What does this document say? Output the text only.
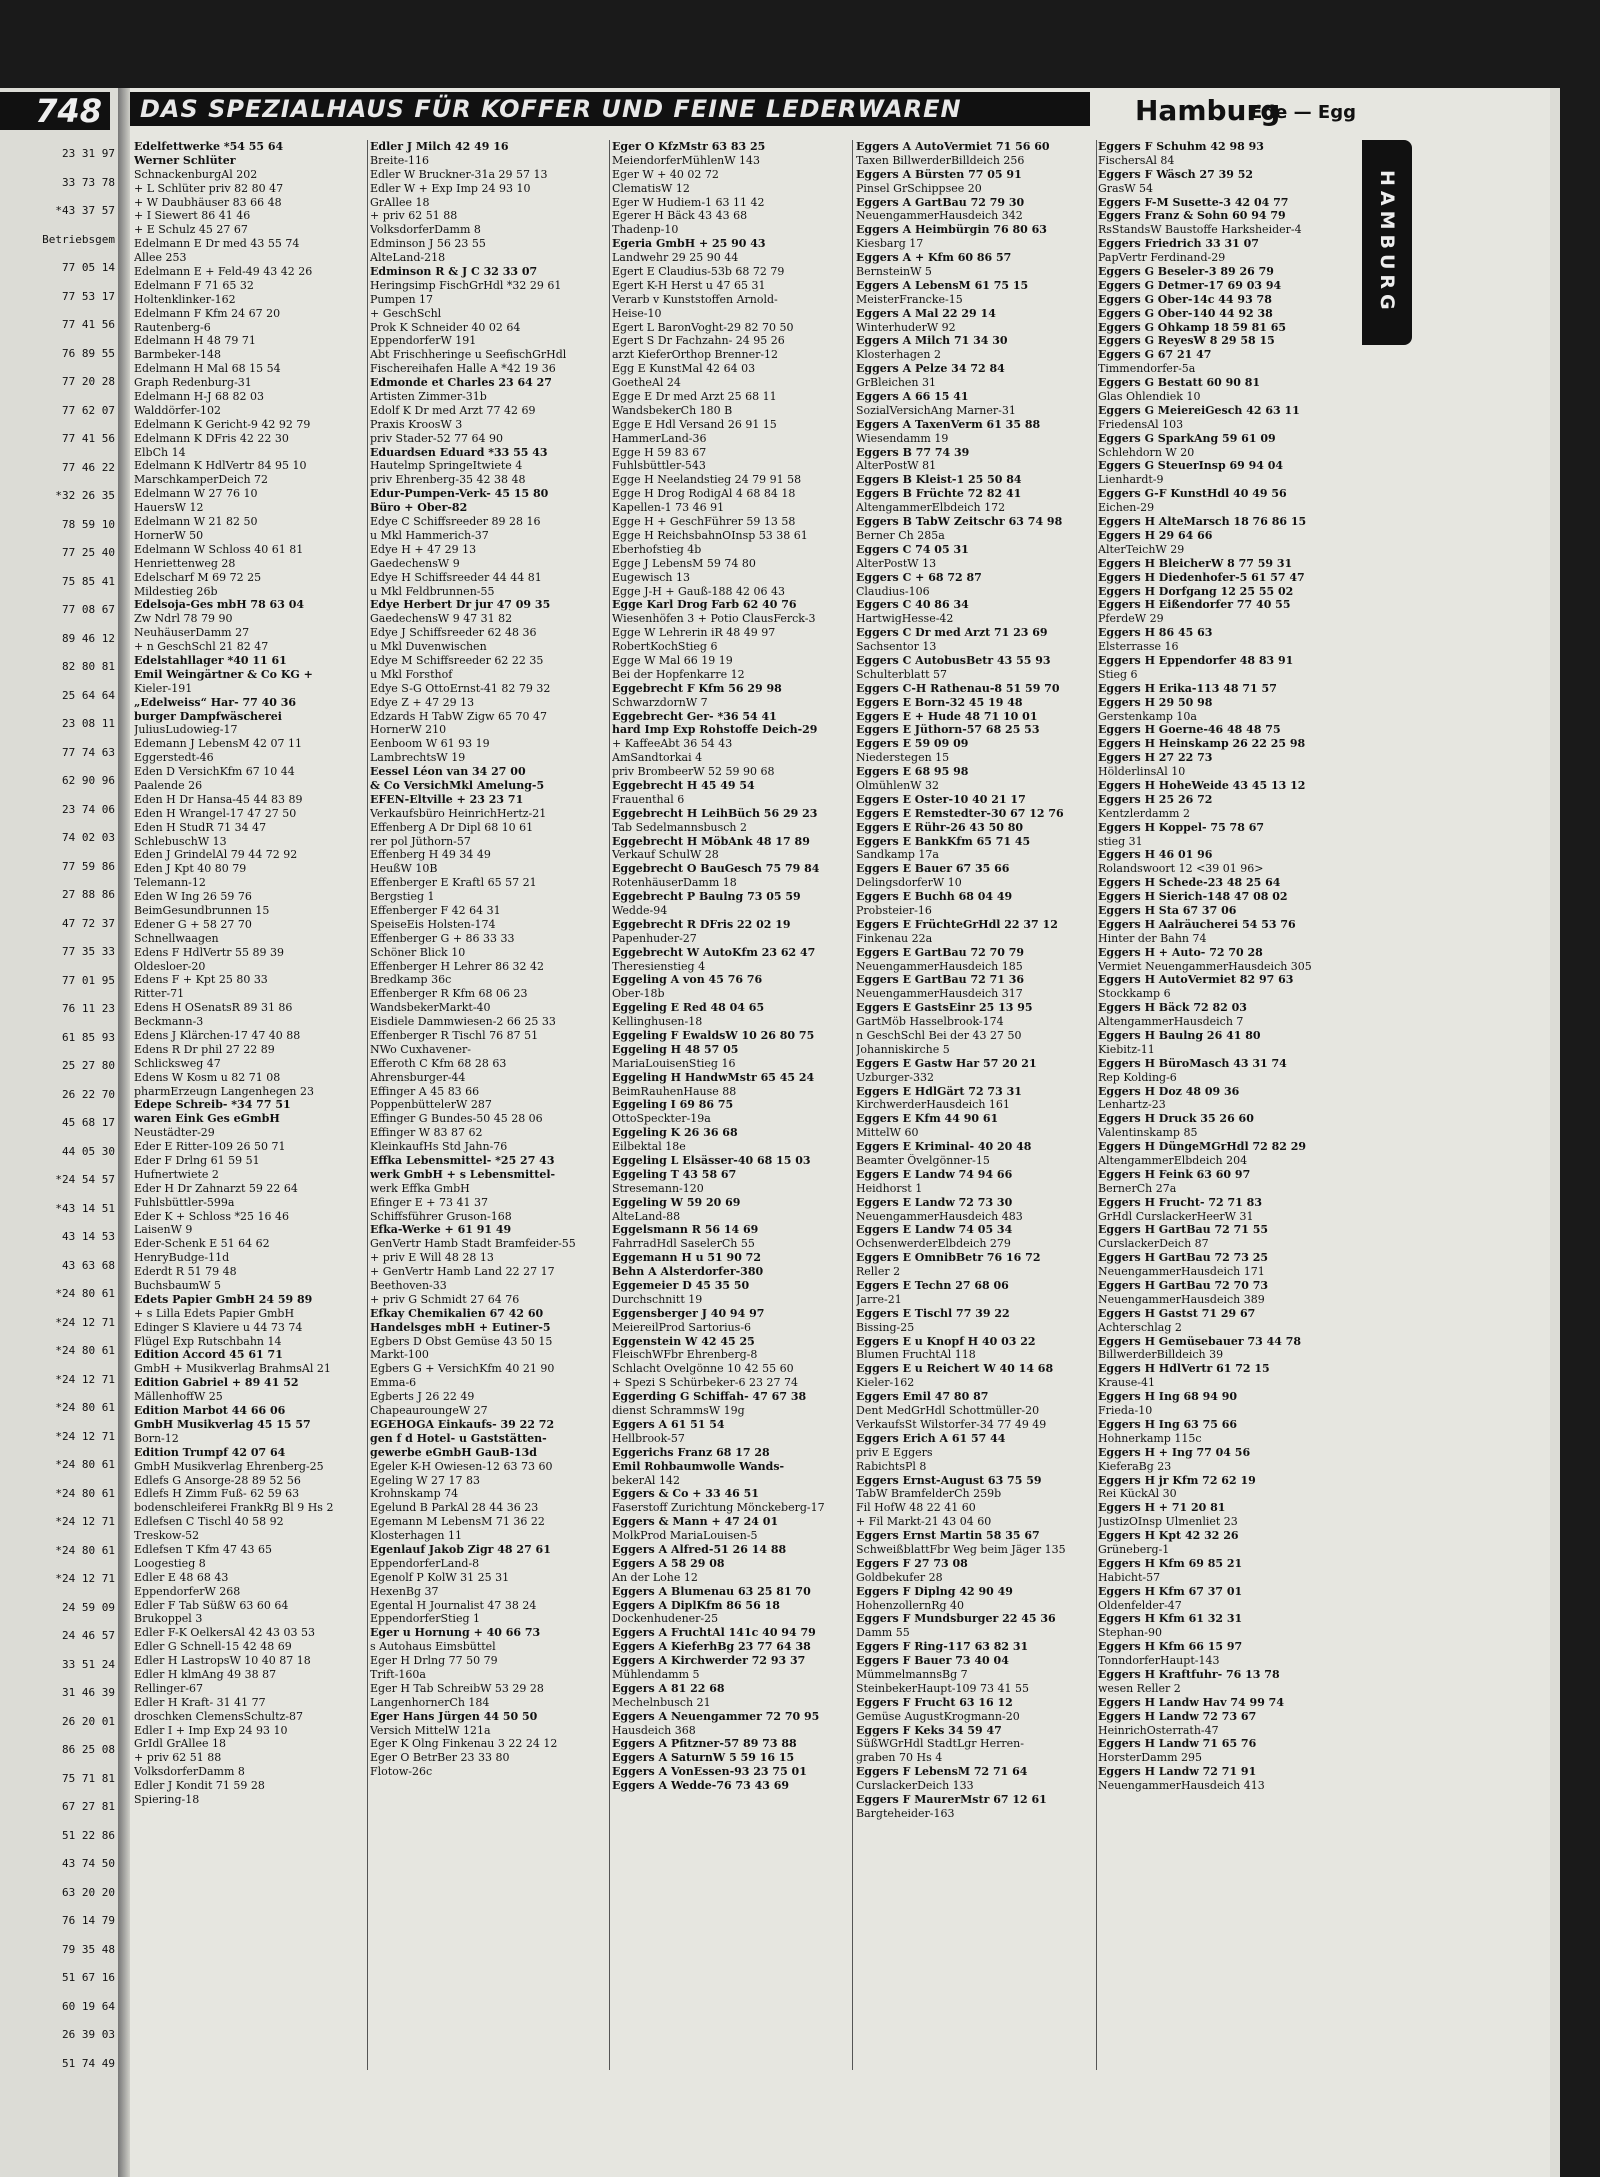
748	DAS SPEZIALHAUS FÜR KOFFER UND FEINE LEDERWAREN	Hamburg
Ede — Egg
HAMBURG
23 31 97
33 73 78
*43 37 57
Betriebsgem
77 05 14
77 53 17
77 41 56
76 89 55
77 20 28
77 62 07
77 41 56
77 46 22
*32 26 35
78 59 10
77 25 40
75 85 41
77 08 67
89 46 12
82 80 81
25 64 64
23 08 11
77 74 63
62 90 96
23 74 06
74 02 03
77 59 86
27 88 86
47 72 37
77 35 33
77 01 95
76 11 23
61 85 93
25 27 80
26 22 70
45 68 17
44 05 30
*24 54 57
*43 14 51
43 14 53
43 63 68
*24 80 61
*24 12 71
*24 80 61
*24 12 71
*24 80 61
*24 12 71
*24 80 61
*24 80 61
*24 12 71
*24 80 61
*24 12 71
24 59 09
24 46 57
33 51 24
31 46 39
26 20 01
86 25 08
75 71 81
67 27 81
51 22 86
43 74 50
63 20 20
76 14 79
79 35 48
51 67 16
60 19 64
26 39 03
51 74 49
Edelfettwerke *54 55 64
Werner Schlüter
SchnackenburgAl 202
+ L Schlüter priv 82 80 47
+ W Daubhäuser 83 66 48
+ I Siewert 86 41 46
+ E Schulz 45 27 67
Edelmann E Dr med 43 55 74
Allee 253
Edelmann E + Feld-49 43 42 26
Edelmann F 71 65 32
Holtenklinker-162
Edelmann F Kfm 24 67 20
Rautenberg-6
Edelmann H 48 79 71
Barmbeker-148
Edelmann H Mal 68 15 54
Graph Redenburg-31
Edelmann H-J 68 82 03
Walddörfer-102
Edelmann K Gericht-9 42 92 79
Edelmann K DFris 42 22 30
ElbCh 14
Edelmann K HdlVertr 84 95 10
MarschkamperDeich 72
Edelmann W 27 76 10
HauersW 12
Edelmann W 21 82 50
HornerW 50
Edelmann W Schloss 40 61 81
Henriettenweg 28
Edelscharf M 69 72 25
Mildestieg 26b
Edelsoja-Ges mbH 78 63 04
Zw Ndrl 78 79 90
NeuhäuserDamm 27
+ n GeschSchl 21 82 47
Edelstahllager *40 11 61
Emil Weingärtner & Co KG +
Kieler-191
„Edelweiss“ Har- 77 40 36
burger Dampfwäscherei
JuliusLudowieg-17
Edemann J LebensM 42 07 11
Eggerstedt-46
Eden D VersichKfm 67 10 44
Paalende 26
Eden H Dr Hansa-45 44 83 89
Eden H Wrangel-17 47 27 50
Eden H StudR 71 34 47
SchlebuschW 13
Eden J GrindelAl 79 44 72 92
Eden J Kpt 40 80 79
Telemann-12
Eden W Ing 26 59 76
BeimGesundbrunnen 15
Edener G + 58 27 70
Schnellwaagen
Edens F HdlVertr 55 89 39
Oldesloer-20
Edens F + Kpt 25 80 33
Ritter-71
Edens H OSenatsR 89 31 86
Beckmann-3
Edens J Klärchen-17 47 40 88
Edens R Dr phil 27 22 89
Schlicksweg 47
Edens W Kosm u 82 71 08
pharmErzeugn Langenhegen 23
Edepe Schreib- *34 77 51
waren Eink Ges eGmbH
Neustädter-29
Eder E Ritter-109 26 50 71
Eder F Drlng 61 59 51
Hufnertwiete 2
Eder H Dr Zahnarzt 59 22 64
Fuhlsbüttler-599a
Eder K + Schloss *25 16 46
LaisenW 9
Eder-Schenk E 51 64 62
HenryBudge-11d
Ederdt R 51 79 48
BuchsbaumW 5
Edets Papier GmbH 24 59 89
+ s Lilla Edets Papier GmbH
Edinger S Klaviere u 44 73 74
Flügel Exp Rutschbahn 14
Edition Accord 45 61 71
GmbH + Musikverlag BrahmsAl 21
Edition Gabriel + 89 41 52
MällenhoffW 25
Edition Marbot 44 66 06
GmbH Musikverlag 45 15 57
Born-12
Edition Trumpf 42 07 64
GmbH Musikverlag Ehrenberg-25
Edlefs G Ansorge-28 89 52 56
Edlefs H Zimm Fuß- 62 59 63
bodenschleiferei FrankRg Bl 9 Hs 2
Edlefsen C Tischl 40 58 92
Treskow-52
Edlefsen T Kfm 47 43 65
Loogestieg 8
Edler E 48 68 43
EppendorferW 268
Edler F Tab SüßW 63 60 64
Brukoppel 3
Edler F-K OelkersAl 42 43 03 53
Edler G Schnell-15 42 48 69
Edler H LastropsW 10 40 87 18
Edler H klmAng 49 38 87
Rellinger-67
Edler H Kraft- 31 41 77
droschken ClemensSchultz-87
Edler I + Imp Exp 24 93 10
GrIdl GrAllee 18
+ priv 62 51 88
VolksdorferDamm 8
Edler J Kondit 71 59 28
Spiering-18
Edler J Milch 42 49 16
Breite-116
Edler W Bruckner-31a 29 57 13
Edler W + Exp Imp 24 93 10
GrAllee 18
+ priv 62 51 88
VolksdorferDamm 8
Edminson J 56 23 55
AlteLand-218
Edminson R & J C 32 33 07
Heringsimp FischGrHdl *32 29 61
Pumpen 17
+ GeschSchl
Prok K Schneider 40 02 64
EppendorferW 191
Abt Frischheringe u SeefischGrHdl
Fischereihafen Halle A *42 19 36
Edmonde et Charles 23 64 27
Artisten Zimmer-31b
Edolf K Dr med Arzt 77 42 69
Praxis KroosW 3
priv Stader-52 77 64 90
Eduardsen Eduard *33 55 43
Hautelmp SpringeItwiete 4
priv Ehrenberg-35 42 38 48
Edur-Pumpen-Verk- 45 15 80
Büro + Ober-82
Edye C Schiffsreeder 89 28 16
u Mkl Hammerich-37
Edye H + 47 29 13
GaedechensW 9
Edye H Schiffsreeder 44 44 81
u Mkl Feldbrunnen-55
Edye Herbert Dr jur 47 09 35
GaedechensW 9 47 31 82
Edye J Schiffsreeder 62 48 36
u Mkl Duvenwischen
Edye M Schiffsreeder 62 22 35
u Mkl Forsthof
Edye S-G OttoErnst-41 82 79 32
Edye Z + 47 29 13
Edzards H TabW Zigw 65 70 47
HornerW 210
Eenboom W 61 93 19
LambrechtsW 19
Eessel Léon van 34 27 00
& Co VersichMkl Amelung-5
EFEN-Eltville + 23 23 71
Verkaufsbüro HeinrichHertz-21
Effenberg A Dr Dipl 68 10 61
rer pol Jüthorn-57
Effenberg H 49 34 49
HeußW 10B
Effenberger E Kraftl 65 57 21
Bergstieg 1
Effenberger F 42 64 31
SpeiseEis Holsten-174
Effenberger G + 86 33 33
Schöner Blick 10
Effenberger H Lehrer 86 32 42
Bredkamp 36c
Effenberger R Kfm 68 06 23
WandsbekerMarkt-40
Eisdiele Dammwiesen-2 66 25 33
Effenberger R Tischl 76 87 51
NWo Cuxhavener-
Efferoth C Kfm 68 28 63
Ahrensburger-44
Effinger A 45 83 66
PoppenbüttelerW 287
Effinger G Bundes-50 45 28 06
Effinger W 83 87 62
KleinkaufHs Std Jahn-76
Effka Lebensmittel- *25 27 43
werk GmbH + s Lebensmittel-
werk Effka GmbH
Efinger E + 73 41 37
Schiffsführer Gruson-168
Efka-Werke + 61 91 49
GenVertr Hamb Stadt Bramfeider-55
+ priv E Will 48 28 13
+ GenVertr Hamb Land 22 27 17
Beethoven-33
+ priv G Schmidt 27 64 76
Efkay Chemikalien 67 42 60
Handelsges mbH + Eutiner-5
Egbers D Obst Gemüse 43 50 15
Markt-100
Egbers G + VersichKfm 40 21 90
Emma-6
Egberts J 26 22 49
ChapeauroungeW 27
EGEHOGA Einkaufs- 39 22 72
gen f d Hotel- u Gaststätten-
gewerbe eGmbH GauB-13d
Egeler K-H Owiesen-12 63 73 60
Egeling W 27 17 83
Krohnskamp 74
Egelund B ParkAl 28 44 36 23
Egemann M LebensM 71 36 22
Klosterhagen 11
Egenlauf Jakob Zigr 48 27 61
EppendorferLand-8
Egenolf P KolW 31 25 31
HexenBg 37
Egental H Journalist 47 38 24
EppendorferStieg 1
Eger u Hornung + 40 66 73
s Autohaus Eimsbüttel
Eger H Drlng 77 50 79
Trift-160a
Eger H Tab SchreibW 53 29 28
LangenhornerCh 184
Eger Hans Jürgen 44 50 50
Versich MittelW 121a
Eger K Olng Finkenau 3 22 24 12
Eger O BetrBer 23 33 80
Flotow-26c
Eger O KfzMstr 63 83 25
MeiendorferMühlenW 143
Eger W + 40 02 72
ClematisW 12
Eger W Hudiem-1 63 11 42
Egerer H Bäck 43 43 68
Thadenp-10
Egeria GmbH + 25 90 43
Landwehr 29 25 90 44
Egert E Claudius-53b 68 72 79
Egert K-H Herst u 47 65 31
Verarb v Kunststoffen Arnold-
Heise-10
Egert L BaronVoght-29 82 70 50
Egert S Dr Fachzahn- 24 95 26
arzt KieferOrthop Brenner-12
Egg E KunstMal 42 64 03
GoetheAl 24
Egge E Dr med Arzt 25 68 11
WandsbekerCh 180 B
Egge E Hdl Versand 26 91 15
HammerLand-36
Egge H 59 83 67
Fuhlsbüttler-543
Egge H Neelandstieg 24 79 91 58
Egge H Drog RodigAl 4 68 84 18
Kapellen-1 73 46 91
Egge H + GeschFührer 59 13 58
Egge H ReichsbahnOInsp 53 38 61
Eberhofstieg 4b
Egge J LebensM 59 74 80
Eugewisch 13
Egge J-H + Gauß-188 42 06 43
Egge Karl Drog Farb 62 40 76
Wiesenhöfen 3 + Potio ClausFerck-3
Egge W Lehrerin iR 48 49 97
RobertKochStieg 6
Egge W Mal 66 19 19
Bei der Hopfenkarre 12
Eggebrecht F Kfm 56 29 98
SchwarzdornW 7
Eggebrecht Ger- *36 54 41
hard Imp Exp Rohstoffe Deich-29
+ KaffeeAbt 36 54 43
AmSandtorkai 4
priv BrombeerW 52 59 90 68
Eggebrecht H 45 49 54
Frauenthal 6
Eggebrecht H LeihBüch 56 29 23
Tab Sedelmannsbusch 2
Eggebrecht H MöbAnk 48 17 89
Verkauf SchulW 28
Eggebrecht O BauGesch 75 79 84
RotenhäuserDamm 18
Eggebrecht P Baulng 73 05 59
Wedde-94
Eggebrecht R DFris 22 02 19
Papenhuder-27
Eggebrecht W AutoKfm 23 62 47
Theresienstieg 4
Eggeling A von 45 76 76
Ober-18b
Eggeling E Red 48 04 65
Kellinghusen-18
Eggeling F EwaldsW 10 26 80 75
Eggeling H 48 57 05
MariaLouisenStieg 16
Eggeling H HandwMstr 65 45 24
BeimRauhenHause 88
Eggeling I 69 86 75
OttoSpeckter-19a
Eggeling K 26 36 68
Eilbektal 18e
Eggeling L Elsässer-40 68 15 03
Eggeling T 43 58 67
Stresemann-120
Eggeling W 59 20 69
AlteLand-88
Eggelsmann R 56 14 69
FahrradHdl SaselerCh 55
Eggemann H u 51 90 72
Behn A Alsterdorfer-380
Eggemeier D 45 35 50
Durchschnitt 19
Eggensberger J 40 94 97
MeiereilProd Sartorius-6
Eggenstein W 42 45 25
FleischWFbr Ehrenberg-8
Schlacht Ovelgönne 10 42 55 60
+ Spezi S Schürbeker-6 23 27 74
Eggerding G Schiffah- 47 67 38
dienst SchrammsW 19g
Eggers A 61 51 54
Hellbrook-57
Eggerichs Franz 68 17 28
Emil Rohbaumwolle Wands-
bekerAl 142
Eggers & Co + 33 46 51
Faserstoff Zurichtung Mönckeberg-17
Eggers & Mann + 47 24 01
MolkProd MariaLouisen-5
Eggers A Alfred-51 26 14 88
Eggers A 58 29 08
An der Lohe 12
Eggers A Blumenau 63 25 81 70
Eggers A DiplKfm 86 56 18
Dockenhudener-25
Eggers A FruchtAl 141c 40 94 79
Eggers A KieferhBg 23 77 64 38
Eggers A Kirchwerder 72 93 37
Mühlendamm 5
Eggers A 81 22 68
Mechelnbusch 21
Eggers A Neuengammer 72 70 95
Hausdeich 368
Eggers A Pfitzner-57 89 73 88
Eggers A SaturnW 5 59 16 15
Eggers A VonEssen-93 23 75 01
Eggers A Wedde-76 73 43 69
Eggers A AutoVermiet 71 56 60
Taxen BillwerderBilldeich 256
Eggers A Bürsten 77 05 91
Pinsel GrSchippsee 20
Eggers A GartBau 72 79 30
NeuengammerHausdeich 342
Eggers A Heimbürgin 76 80 63
Kiesbarg 17
Eggers A + Kfm 60 86 57
BernsteinW 5
Eggers A LebensM 61 75 15
MeisterFrancke-15
Eggers A Mal 22 29 14
WinterhuderW 92
Eggers A Milch 71 34 30
Klosterhagen 2
Eggers A Pelze 34 72 84
GrBleichen 31
Eggers A 66 15 41
SozialVersichAng Marner-31
Eggers A TaxenVerm 61 35 88
Wiesendamm 19
Eggers B 77 74 39
AlterPostW 81
Eggers B Kleist-1 25 50 84
Eggers B Früchte 72 82 41
AltengammerElbdeich 172
Eggers B TabW Zeitschr 63 74 98
Berner Ch 285a
Eggers C 74 05 31
AlterPostW 13
Eggers C + 68 72 87
Claudius-106
Eggers C 40 86 34
HartwigHesse-42
Eggers C Dr med Arzt 71 23 69
Sachsentor 13
Eggers C AutobusBetr 43 55 93
Schulterblatt 57
Eggers C-H Rathenau-8 51 59 70
Eggers E Born-32 45 19 48
Eggers E + Hude 48 71 10 01
Eggers E Jüthorn-57 68 25 53
Eggers E 59 09 09
Niederstegen 15
Eggers E 68 95 98
OlmühlenW 32
Eggers E Oster-10 40 21 17
Eggers E Remstedter-30 67 12 76
Eggers E Rühr-26 43 50 80
Eggers E BankKfm 65 71 45
Sandkamp 17a
Eggers E Bauer 67 35 66
DelingsdorferW 10
Eggers E Buchh 68 04 49
Probsteier-16
Eggers E FrüchteGrHdl 22 37 12
Finkenau 22a
Eggers E GartBau 72 70 79
NeuengammerHausdeich 185
Eggers E GartBau 72 71 36
NeuengammerHausdeich 317
Eggers E GastsEinr 25 13 95
GartMöb Hasselbrook-174
n GeschSchl Bei der 43 27 50
Johanniskirche 5
Eggers E Gastw Har 57 20 21
Uzburger-332
Eggers E HdlGärt 72 73 31
KirchwerderHausdeich 161
Eggers E Kfm 44 90 61
MittelW 60
Eggers E Kriminal- 40 20 48
Beamter Övelgönner-15
Eggers E Landw 74 94 66
Heidhorst 1
Eggers E Landw 72 73 30
NeuengammerHausdeich 483
Eggers E Landw 74 05 34
OchsenwerderElbdeich 279
Eggers E OmnibBetr 76 16 72
Reller 2
Eggers E Techn 27 68 06
Jarre-21
Eggers E Tischl 77 39 22
Bissing-25
Eggers E u Knopf H 40 03 22
Blumen FruchtAl 118
Eggers E u Reichert W 40 14 68
Kieler-162
Eggers Emil 47 80 87
Dent MedGrHdl Schottmüller-20
VerkaufsSt Wilstorfer-34 77 49 49
Eggers Erich A 61 57 44
priv E Eggers
RabichtsPl 8
Eggers Ernst-August 63 75 59
TabW BramfelderCh 259b
Fil HofW 48 22 41 60
+ Fil Markt-21 43 04 60
Eggers Ernst Martin 58 35 67
SchweißblattFbr Weg beim Jäger 135
Eggers F 27 73 08
Goldbekufer 28
Eggers F Diplng 42 90 49
HohenzollernRg 40
Eggers F Mundsburger 22 45 36
Damm 55
Eggers F Ring-117 63 82 31
Eggers F Bauer 73 40 04
MümmelmannsBg 7
SteinbekerHaupt-109 73 41 55
Eggers F Frucht 63 16 12
Gemüse AugustKrogmann-20
Eggers F Keks 34 59 47
SüßWGrHdl StadtLgr Herren-
graben 70 Hs 4
Eggers F LebensM 72 71 64
CurslackerDeich 133
Eggers F MaurerMstr 67 12 61
Bargteheider-163
Eggers F Schuhm 42 98 93
FischersAl 84
Eggers F Wäsch 27 39 52
GrasW 54
Eggers F-M Susette-3 42 04 77
Eggers Franz & Sohn 60 94 79
RsStandsW Baustoffe Harksheider-4
Eggers Friedrich 33 31 07
PapVertr Ferdinand-29
Eggers G Beseler-3 89 26 79
Eggers G Detmer-17 69 03 94
Eggers G Ober-14c 44 93 78
Eggers G Ober-140 44 92 38
Eggers G Ohkamp 18 59 81 65
Eggers G ReyesW 8 29 58 15
Eggers G 67 21 47
Timmendorfer-5a
Eggers G Bestatt 60 90 81
Glas Ohlendiek 10
Eggers G MeiereiGesch 42 63 11
FriedensAl 103
Eggers G SparkAng 59 61 09
Schlehdorn W 20
Eggers G SteuerInsp 69 94 04
Lienhardt-9
Eggers G-F KunstHdl 40 49 56
Eichen-29
Eggers H AlteMarsch 18 76 86 15
Eggers H 29 64 66
AlterTeichW 29
Eggers H BleicherW 8 77 59 31
Eggers H Diedenhofer-5 61 57 47
Eggers H Dorfgang 12 25 55 02
Eggers H Eißendorfer 77 40 55
PferdeW 29
Eggers H 86 45 63
Elsterrasse 16
Eggers H Eppendorfer 48 83 91
Stieg 6
Eggers H Erika-113 48 71 57
Eggers H 29 50 98
Gerstenkamp 10a
Eggers H Goerne-46 48 48 75
Eggers H Heinskamp 26 22 25 98
Eggers H 27 22 73
HölderlinsAl 10
Eggers H HoheWeide 43 45 13 12
Eggers H 25 26 72
Kentzlerdamm 2
Eggers H Koppel- 75 78 67
stieg 31
Eggers H 46 01 96
Rolandswoort 12 <39 01 96>
Eggers H Schede-23 48 25 64
Eggers H Sierich-148 47 08 02
Eggers H Sta 67 37 06
Eggers H Aalräucherei 54 53 76
Hinter der Bahn 74
Eggers H + Auto- 72 70 28
Vermiet NeuengammerHausdeich 305
Eggers H AutoVermiet 82 97 63
Stockkamp 6
Eggers H Bäck 72 82 03
AltengammerHausdeich 7
Eggers H Baulng 26 41 80
Kiebitz-11
Eggers H BüroMasch 43 31 74
Rep Kolding-6
Eggers H Doz 48 09 36
Lenhartz-23
Eggers H Druck 35 26 60
Valentinskamp 85
Eggers H DüngeMGrHdl 72 82 29
AltengammerElbdeich 204
Eggers H Feink 63 60 97
BernerCh 27a
Eggers H Frucht- 72 71 83
GrHdl CurslackerHeerW 31
Eggers H GartBau 72 71 55
CurslackerDeich 87
Eggers H GartBau 72 73 25
NeuengammerHausdeich 171
Eggers H GartBau 72 70 73
NeuengammerHausdeich 389
Eggers H Gastst 71 29 67
Achterschlag 2
Eggers H Gemüsebauer 73 44 78
BillwerderBilldeich 39
Eggers H HdlVertr 61 72 15
Krause-41
Eggers H Ing 68 94 90
Frieda-10
Eggers H Ing 63 75 66
Hohnerkamp 115c
Eggers H + Ing 77 04 56
KieferaBg 23
Eggers H jr Kfm 72 62 19
Rei KückAl 30
Eggers H + 71 20 81
JustizOInsp Ulmenliet 23
Eggers H Kpt 42 32 26
Grüneberg-1
Eggers H Kfm 69 85 21
Habicht-57
Eggers H Kfm 67 37 01
Oldenfelder-47
Eggers H Kfm 61 32 31
Stephan-90
Eggers H Kfm 66 15 97
TonndorferHaupt-143
Eggers H Kraftfuhr- 76 13 78
wesen Reller 2
Eggers H Landw Hav 74 99 74
Eggers H Landw 72 73 67
HeinrichOsterrath-47
Eggers H Landw 71 65 76
HorsterDamm 295
Eggers H Landw 72 71 91
NeuengammerHausdeich 413
